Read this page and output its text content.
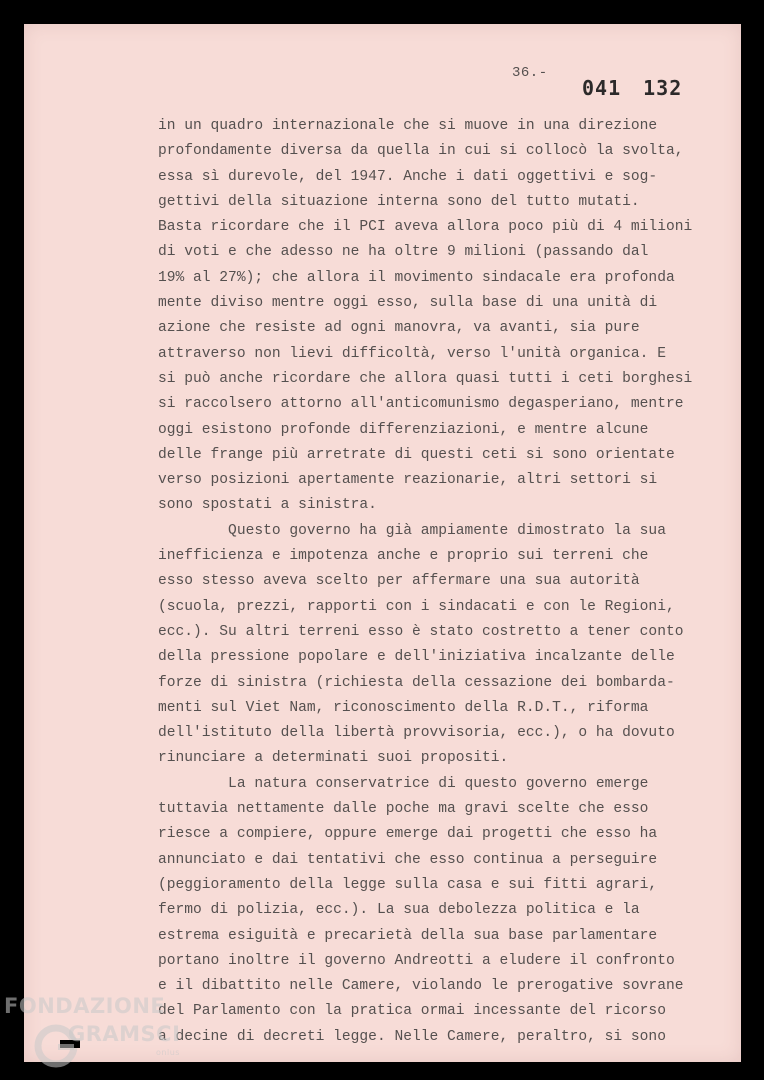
36.-
041 132
in un quadro internazionale che si muove in una direzione
profondamente diversa da quella in cui si collocò la svolta,
essa sì durevole, del 1947. Anche i dati oggettivi e sog-
gettivi della situazione interna sono del tutto mutati.
Basta ricordare che il PCI aveva allora poco più di 4 milioni
di voti e che adesso ne ha oltre 9 milioni (passando dal
19% al 27%); che allora il movimento sindacale era profonda
mente diviso mentre oggi esso, sulla base di una unità di
azione che resiste ad ogni manovra, va avanti, sia pure
attraverso non lievi difficoltà, verso l'unità organica. E
si può anche ricordare che allora quasi tutti i ceti borghesi
si raccolsero attorno all'anticomunismo degasperiano, mentre
oggi esistono profonde differenziazioni, e mentre alcune
delle frange più arretrate di questi ceti si sono orientate
verso posizioni apertamente reazionarie, altri settori si
sono spostati a sinistra.
Questo governo ha già ampiamente dimostrato la sua
inefficienza e impotenza anche e proprio sui terreni che
esso stesso aveva scelto per affermare una sua autorità
(scuola, prezzi, rapporti con i sindacati e con le Regioni,
ecc.). Su altri terreni esso è stato costretto a tener conto
della pressione popolare e dell'iniziativa incalzante delle
forze di sinistra (richiesta della cessazione dei bombarda-
menti sul Viet Nam, riconoscimento della R.D.T., riforma
dell'istituto della libertà provvisoria, ecc.), o ha dovuto
rinunciare a determinati suoi propositi.
La natura conservatrice di questo governo emerge
tuttavia nettamente dalle poche ma gravi scelte che esso
riesce a compiere, oppure emerge dai progetti che esso ha
annunciato e dai tentativi che esso continua a perseguire
(peggioramento della legge sulla casa e sui fitti agrari,
fermo di polizia, ecc.). La sua debolezza politica e la
estrema esiguità e precarietà della sua base parlamentare
portano inoltre il governo Andreotti a eludere il confronto
e il dibattito nelle Camere, violando le prerogative sovrane
del Parlamento con la pratica ormai incessante del ricorso
a decine di decreti legge. Nelle Camere, peraltro, si sono
FONDAZIONE
GRAMSCI
onlus
